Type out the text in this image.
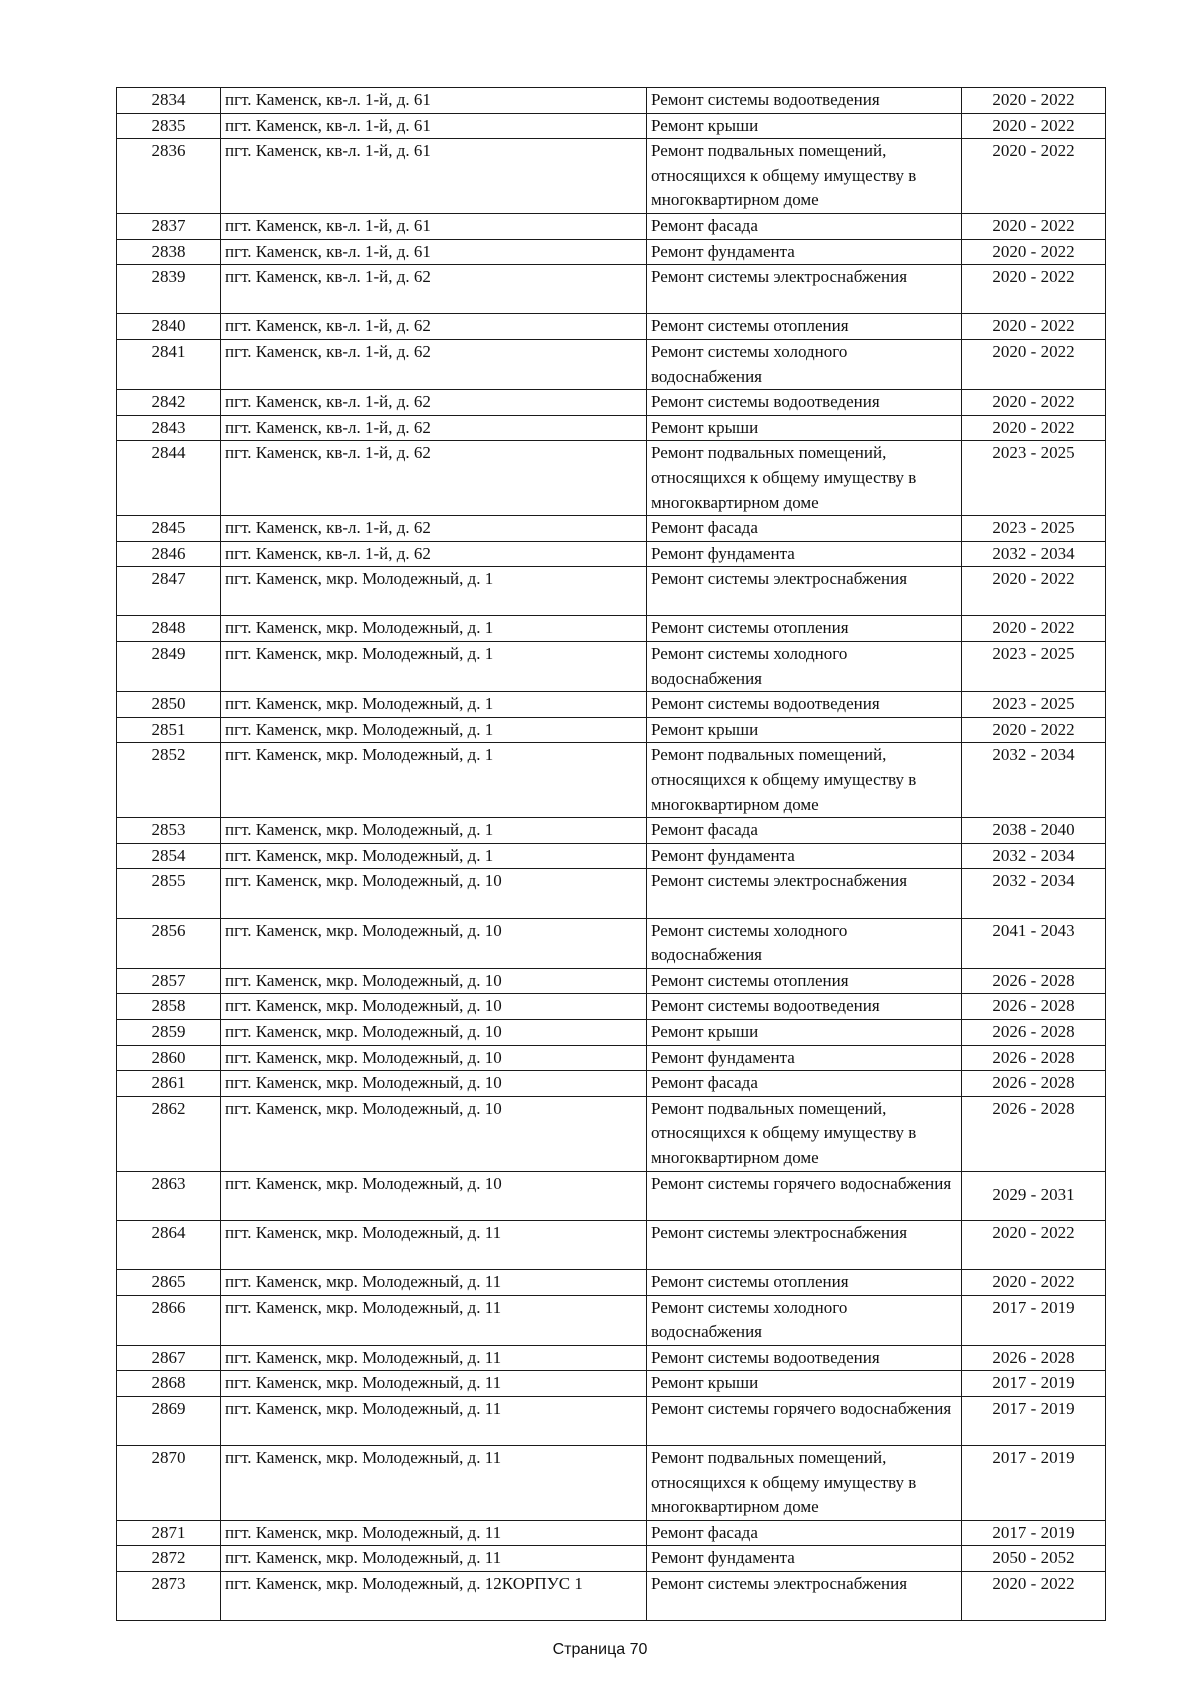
2834	пгт. Каменск, кв-л. 1-й, д. 61	Ремонт системы водоотведения	2020 - 2022
2835	пгт. Каменск, кв-л. 1-й, д. 61	Ремонт крыши	2020 - 2022
2836	пгт. Каменск, кв-л. 1-й, д. 61	Ремонт подвальных помещений, относящихся к общему имуществу в многоквартирном доме	2020 - 2022
2837	пгт. Каменск, кв-л. 1-й, д. 61	Ремонт фасада	2020 - 2022
2838	пгт. Каменск, кв-л. 1-й, д. 61	Ремонт фундамента	2020 - 2022
2839	пгт. Каменск, кв-л. 1-й, д. 62	Ремонт системы электроснабжения	2020 - 2022
2840	пгт. Каменск, кв-л. 1-й, д. 62	Ремонт системы отопления	2020 - 2022
2841	пгт. Каменск, кв-л. 1-й, д. 62	Ремонт системы холодного водоснабжения	2020 - 2022
2842	пгт. Каменск, кв-л. 1-й, д. 62	Ремонт системы водоотведения	2020 - 2022
2843	пгт. Каменск, кв-л. 1-й, д. 62	Ремонт крыши	2020 - 2022
2844	пгт. Каменск, кв-л. 1-й, д. 62	Ремонт подвальных помещений, относящихся к общему имуществу в многоквартирном доме	2023 - 2025
2845	пгт. Каменск, кв-л. 1-й, д. 62	Ремонт фасада	2023 - 2025
2846	пгт. Каменск, кв-л. 1-й, д. 62	Ремонт фундамента	2032 - 2034
2847	пгт. Каменск, мкр. Молодежный, д. 1	Ремонт системы электроснабжения	2020 - 2022
2848	пгт. Каменск, мкр. Молодежный, д. 1	Ремонт системы отопления	2020 - 2022
2849	пгт. Каменск, мкр. Молодежный, д. 1	Ремонт системы холодного водоснабжения	2023 - 2025
2850	пгт. Каменск, мкр. Молодежный, д. 1	Ремонт системы водоотведения	2023 - 2025
2851	пгт. Каменск, мкр. Молодежный, д. 1	Ремонт крыши	2020 - 2022
2852	пгт. Каменск, мкр. Молодежный, д. 1	Ремонт подвальных помещений, относящихся к общему имуществу в многоквартирном доме	2032 - 2034
2853	пгт. Каменск, мкр. Молодежный, д. 1	Ремонт фасада	2038 - 2040
2854	пгт. Каменск, мкр. Молодежный, д. 1	Ремонт фундамента	2032 - 2034
2855	пгт. Каменск, мкр. Молодежный, д. 10	Ремонт системы электроснабжения	2032 - 2034
2856	пгт. Каменск, мкр. Молодежный, д. 10	Ремонт системы холодного водоснабжения	2041 - 2043
2857	пгт. Каменск, мкр. Молодежный, д. 10	Ремонт системы отопления	2026 - 2028
2858	пгт. Каменск, мкр. Молодежный, д. 10	Ремонт системы водоотведения	2026 - 2028
2859	пгт. Каменск, мкр. Молодежный, д. 10	Ремонт крыши	2026 - 2028
2860	пгт. Каменск, мкр. Молодежный, д. 10	Ремонт фундамента	2026 - 2028
2861	пгт. Каменск, мкр. Молодежный, д. 10	Ремонт фасада	2026 - 2028
2862	пгт. Каменск, мкр. Молодежный, д. 10	Ремонт подвальных помещений, относящихся к общему имуществу в многоквартирном доме	2026 - 2028
2863	пгт. Каменск, мкр. Молодежный, д. 10	Ремонт системы горячего водоснабжения	2029 - 2031
2864	пгт. Каменск, мкр. Молодежный, д. 11	Ремонт системы электроснабжения	2020 - 2022
2865	пгт. Каменск, мкр. Молодежный, д. 11	Ремонт системы отопления	2020 - 2022
2866	пгт. Каменск, мкр. Молодежный, д. 11	Ремонт системы холодного водоснабжения	2017 - 2019
2867	пгт. Каменск, мкр. Молодежный, д. 11	Ремонт системы водоотведения	2026 - 2028
2868	пгт. Каменск, мкр. Молодежный, д. 11	Ремонт крыши	2017 - 2019
2869	пгт. Каменск, мкр. Молодежный, д. 11	Ремонт системы горячего водоснабжения	2017 - 2019
2870	пгт. Каменск, мкр. Молодежный, д. 11	Ремонт подвальных помещений, относящихся к общему имуществу в многоквартирном доме	2017 - 2019
2871	пгт. Каменск, мкр. Молодежный, д. 11	Ремонт фасада	2017 - 2019
2872	пгт. Каменск, мкр. Молодежный, д. 11	Ремонт фундамента	2050 - 2052
2873	пгт. Каменск, мкр. Молодежный, д. 12КОРПУС 1	Ремонт системы электроснабжения	2020 - 2022
Страница 70
